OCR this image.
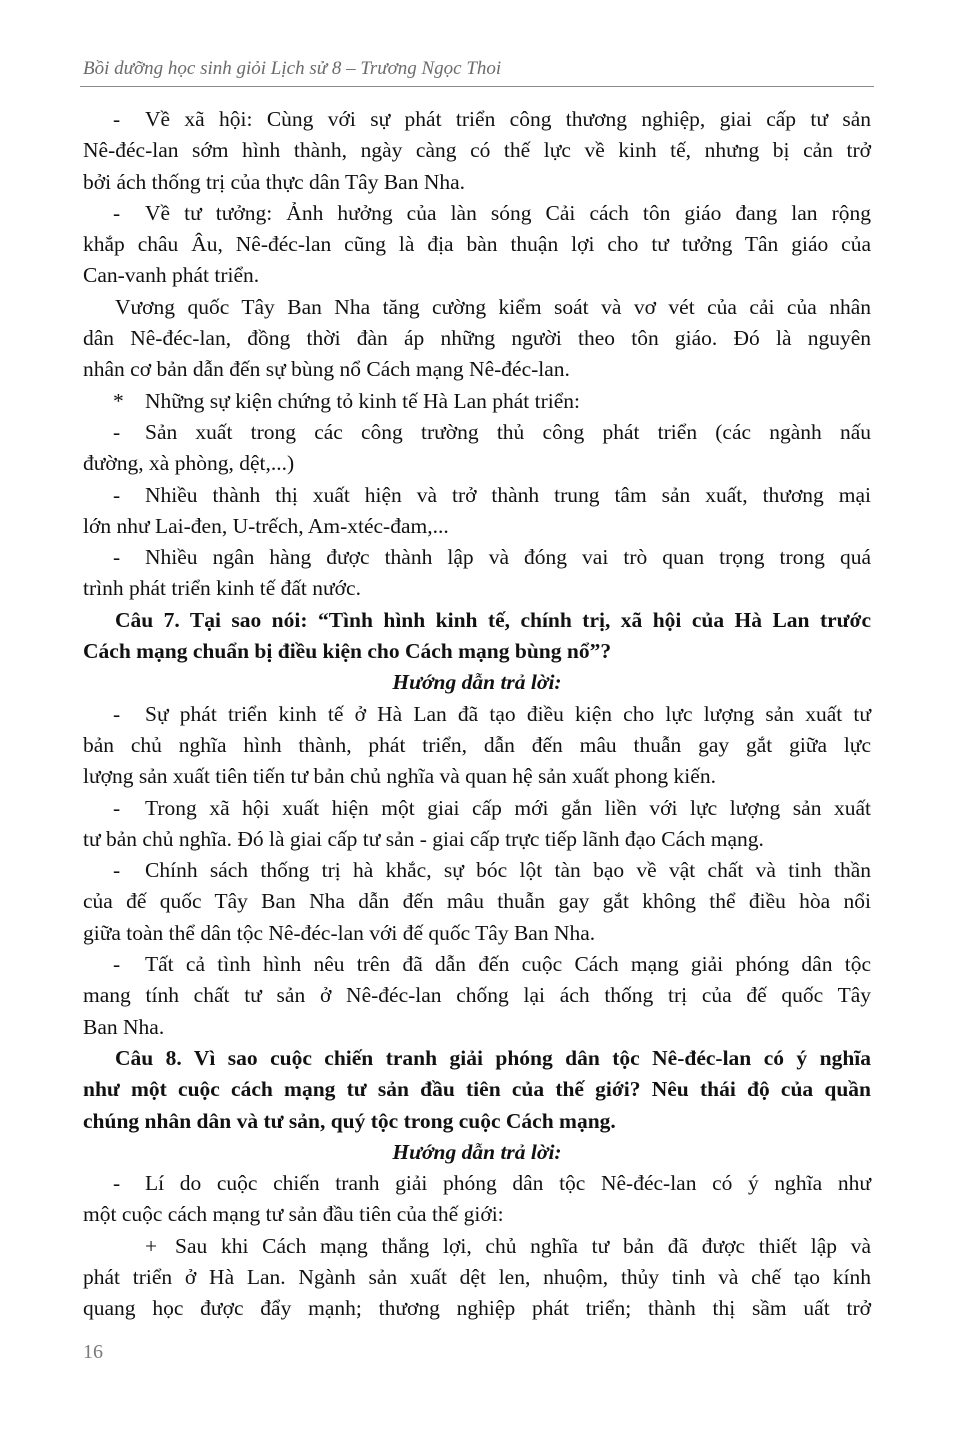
Bồi dưỡng học sinh giỏi Lịch sử 8 – Trương Ngọc Thoi
-	Về xã hội: Cùng với sự phát triển công thương nghiệp, giai cấp tư sản
Nê-đéc-lan sớm hình thành, ngày càng có thế lực về kinh tế, nhưng bị cản trở
bởi ách thống trị của thực dân Tây Ban Nha.
-	Về tư tưởng: Ảnh hưởng của làn sóng Cải cách tôn giáo đang lan rộng
khắp châu Âu, Nê-đéc-lan cũng là địa bàn thuận lợi cho tư tưởng Tân giáo của
Can-vanh phát triển.
Vương quốc Tây Ban Nha tăng cường kiểm soát và vơ vét của cải của nhân
dân Nê-đéc-lan, đồng thời đàn áp những người theo tôn giáo. Đó là nguyên
nhân cơ bản dẫn đến sự bùng nổ Cách mạng Nê-đéc-lan.
* Những sự kiện chứng tỏ kinh tế Hà Lan phát triển:
-	Sản xuất trong các công trường thủ công phát triển (các ngành nấu
đường, xà phòng, dệt,...)
-	Nhiều thành thị xuất hiện và trở thành trung tâm sản xuất, thương mại
lớn như Lai-đen, U-trếch, Am-xtéc-đam,...
-	Nhiều ngân hàng được thành lập và đóng vai trò quan trọng trong quá
trình phát triển kinh tế đất nước.
Câu 7. Tại sao nói: “Tình hình kinh tế, chính trị, xã hội của Hà Lan trước
Cách mạng chuẩn bị điều kiện cho Cách mạng bùng nổ”?
Hướng dẫn trả lời:
-	Sự phát triển kinh tế ở Hà Lan đã tạo điều kiện cho lực lượng sản xuất tư
bản chủ nghĩa hình thành, phát triển, dẫn đến mâu thuẫn gay gắt giữa lực
lượng sản xuất tiên tiến tư bản chủ nghĩa và quan hệ sản xuất phong kiến.
-	Trong xã hội xuất hiện một giai cấp mới gắn liền với lực lượng sản xuất
tư bản chủ nghĩa. Đó là giai cấp tư sản - giai cấp trực tiếp lãnh đạo Cách mạng.
-	Chính sách thống trị hà khắc, sự bóc lột tàn bạo về vật chất và tinh thần
của đế quốc Tây Ban Nha dẫn đến mâu thuẫn gay gắt không thể điều hòa nổi
giữa toàn thể dân tộc Nê-đéc-lan với đế quốc Tây Ban Nha.
-	Tất cả tình hình nêu trên đã dẫn đến cuộc Cách mạng giải phóng dân tộc
mang tính chất tư sản ở Nê-đéc-lan chống lại ách thống trị của đế quốc Tây
Ban Nha.
Câu 8. Vì sao cuộc chiến tranh giải phóng dân tộc Nê-đéc-lan có ý nghĩa
như một cuộc cách mạng tư sản đầu tiên của thế giới? Nêu thái độ của quần
chúng nhân dân và tư sản, quý tộc trong cuộc Cách mạng.
Hướng dẫn trả lời:
-	Lí do cuộc chiến tranh giải phóng dân tộc Nê-đéc-lan có ý nghĩa như
một cuộc cách mạng tư sản đầu tiên của thế giới:
+ Sau khi Cách mạng thắng lợi, chủ nghĩa tư bản đã được thiết lập và
phát triển ở Hà Lan. Ngành sản xuất dệt len, nhuộm, thủy tinh và chế tạo kính
quang học được đẩy mạnh; thương nghiệp phát triển; thành thị sầm uất trở
16
